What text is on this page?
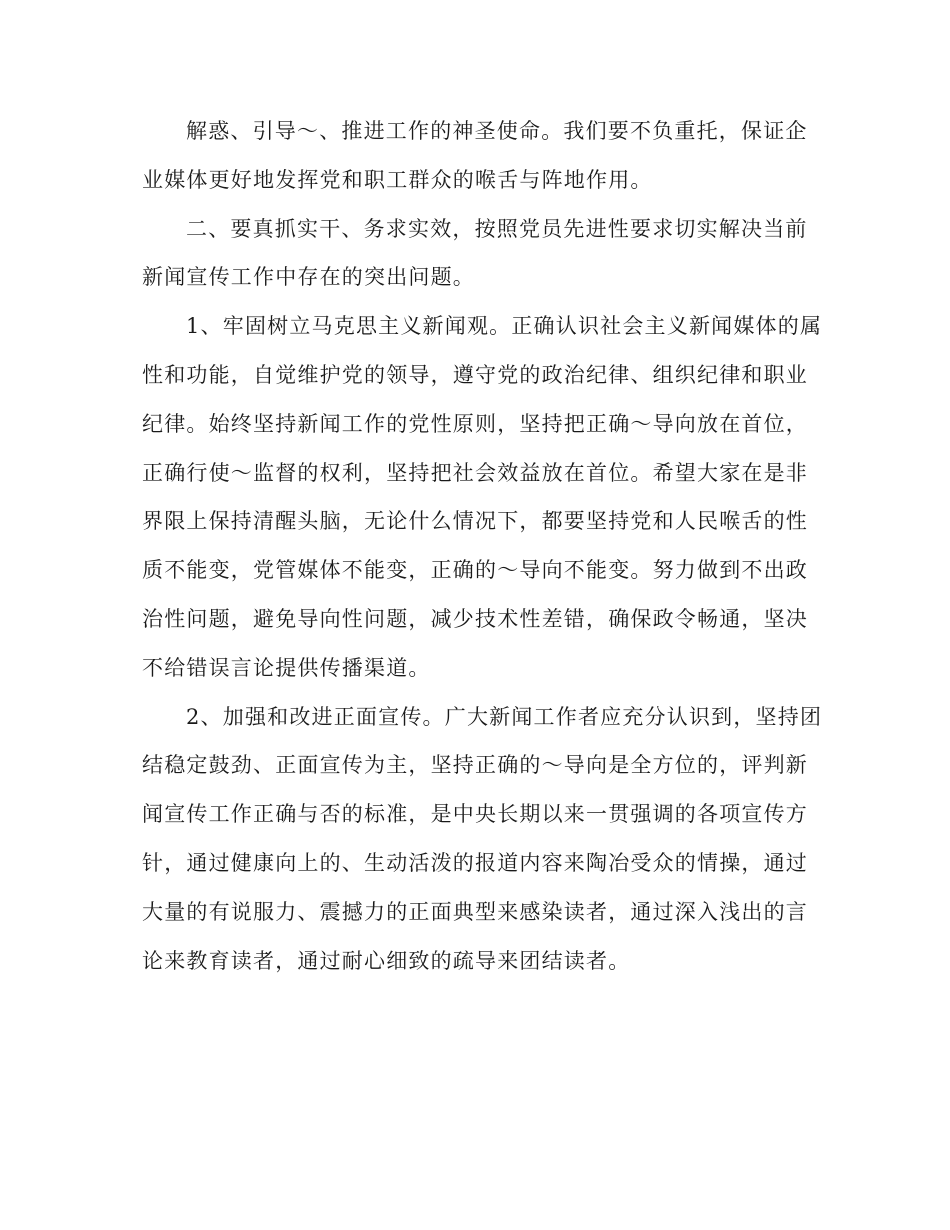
解惑、引导～、推进工作的神圣使命。我们要不负重托，保证企
业媒体更好地发挥党和职工群众的喉舌与阵地作用。
二、要真抓实干、务求实效，按照党员先进性要求切实解决当前
新闻宣传工作中存在的突出问题。
1、牢固树立马克思主义新闻观。正确认识社会主义新闻媒体的属
性和功能，自觉维护党的领导，遵守党的政治纪律、组织纪律和职业
纪律。始终坚持新闻工作的党性原则，坚持把正确～导向放在首位，
正确行使～监督的权利，坚持把社会效益放在首位。希望大家在是非
界限上保持清醒头脑，无论什么情况下，都要坚持党和人民喉舌的性
质不能变，党管媒体不能变，正确的～导向不能变。努力做到不出政
治性问题，避免导向性问题，减少技术性差错，确保政令畅通，坚决
不给错误言论提供传播渠道。
2、加强和改进正面宣传。广大新闻工作者应充分认识到，坚持团
结稳定鼓劲、正面宣传为主，坚持正确的～导向是全方位的，评判新
闻宣传工作正确与否的标准，是中央长期以来一贯强调的各项宣传方
针，通过健康向上的、生动活泼的报道内容来陶冶受众的情操，通过
大量的有说服力、震撼力的正面典型来感染读者，通过深入浅出的言
论来教育读者，通过耐心细致的疏导来团结读者。
